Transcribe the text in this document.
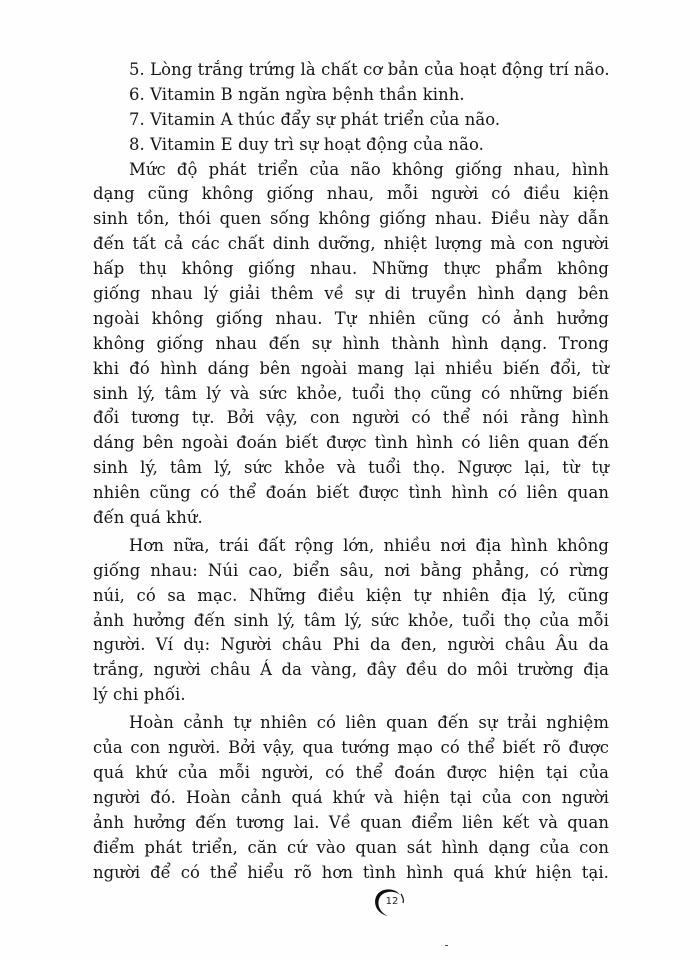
5. Lòng trắng trứng là chất cơ bản của hoạt động trí não.
6. Vitamin B ngăn ngừa bệnh thần kinh.
7. Vitamin A thúc đẩy sự phát triển của não.
8. Vitamin E duy trì sự hoạt động của não.
Mức độ phát triển của não không giống nhau, hình
dạng cũng không giống nhau, mỗi người có điều kiện
sinh tồn, thói quen sống không giống nhau. Điều này dẫn
đến tất cả các chất dinh dưỡng, nhiệt lượng mà con người
hấp thụ không giống nhau. Những thực phẩm không
giống nhau lý giải thêm về sự di truyền hình dạng bên
ngoài không giống nhau. Tự nhiên cũng có ảnh hưởng
không giống nhau đến sự hình thành hình dạng. Trong
khi đó hình dáng bên ngoài mang lại nhiều biến đổi, từ
sinh lý, tâm lý và sức khỏe, tuổi thọ cũng có những biến
đổi tương tự. Bởi vậy, con người có thể nói rằng hình
dáng bên ngoài đoán biết được tình hình có liên quan đến
sinh lý, tâm lý, sức khỏe và tuổi thọ. Ngược lại, từ tự
nhiên cũng có thể đoán biết được tình hình có liên quan
đến quá khứ.
Hơn nữa, trái đất rộng lớn, nhiều nơi địa hình không
giống nhau: Núi cao, biển sâu, nơi bằng phẳng, có rừng
núi, có sa mạc. Những điều kiện tự nhiên địa lý, cũng
ảnh hưởng đến sinh lý, tâm lý, sức khỏe, tuổi thọ của mỗi
người. Ví dụ: Người châu Phi da đen, người châu Âu da
trắng, người châu Á da vàng, đây đều do môi trường địa
lý chi phối.
Hoàn cảnh tự nhiên có liên quan đến sự trải nghiệm
của con người. Bởi vậy, qua tướng mạo có thể biết rõ được
quá khứ của mỗi người, có thể đoán được hiện tại của
người đó. Hoàn cảnh quá khứ và hiện tại của con người
ảnh hưởng đến tương lai. Về quan điểm liên kết và quan
điểm phát triển, căn cứ vào quan sát hình dạng của con
người để có thể hiểu rõ hơn tình hình quá khứ hiện tại.
12
